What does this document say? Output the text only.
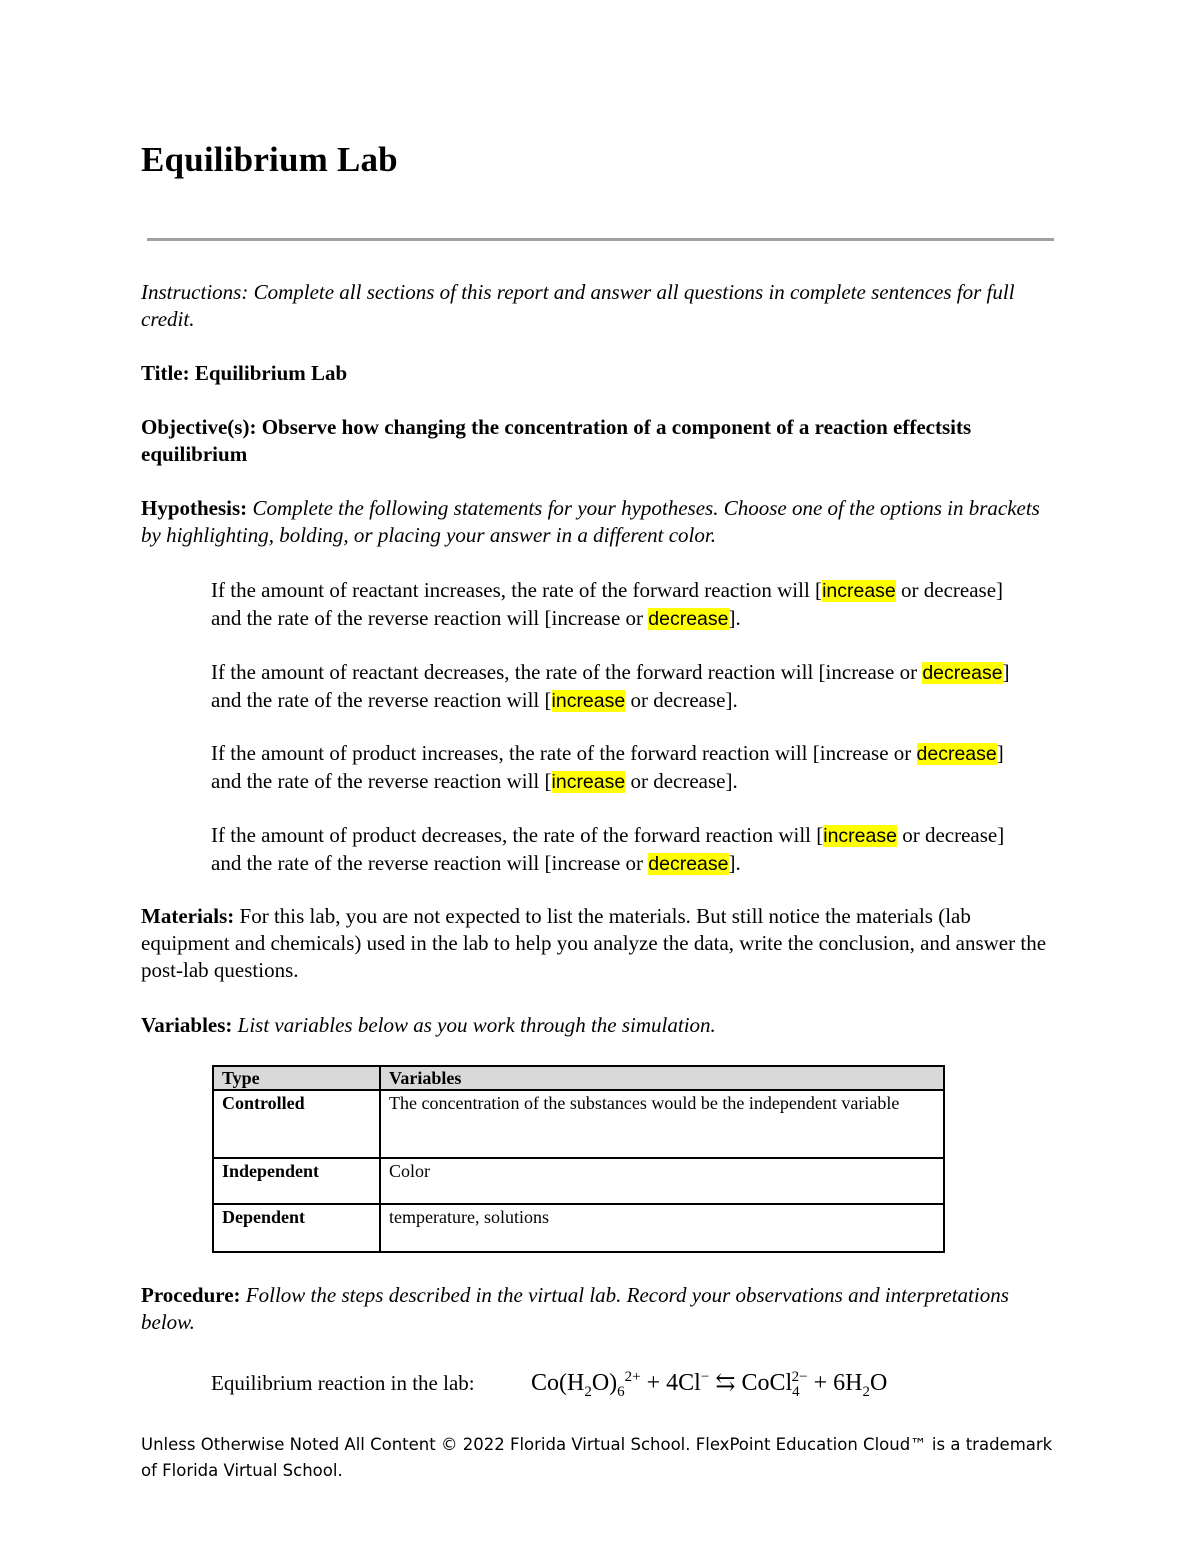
Equilibrium Lab
Instructions: Complete all sections of this report and answer all questions in complete sentences for full credit.
Title: Equilibrium Lab
Objective(s): Observe how changing the concentration of a component of a reaction effectsits equilibrium
Hypothesis: Complete the following statements for your hypotheses. Choose one of the options in brackets by highlighting, bolding, or placing your answer in a different color.
If the amount of reactant increases, the rate of the forward reaction will [increase or decrease] and the rate of the reverse reaction will [increase or decrease].
If the amount of reactant decreases, the rate of the forward reaction will [increase or decrease] and the rate of the reverse reaction will [increase or decrease].
If the amount of product increases, the rate of the forward reaction will [increase or decrease] and the rate of the reverse reaction will [increase or decrease].
If the amount of product decreases, the rate of the forward reaction will [increase or decrease] and the rate of the reverse reaction will [increase or decrease].
Materials: For this lab, you are not expected to list the materials. But still notice the materials (lab equipment and chemicals) used in the lab to help you analyze the data, write the conclusion, and answer the post-lab questions.
Variables: List variables below as you work through the simulation.
Type	Variables
Controlled	The concentration of the substances would be the independent variable
Independent	Color
Dependent	temperature, solutions
Procedure: Follow the steps described in the virtual lab. Record your observations and interpretations below.
Equilibrium reaction in the lab: $Co(H_2O)_6^{2+} + 4Cl^-$ ⇆ CoCl$_4^{2-}$ + $6H_2O$
Unless Otherwise Noted All Content © 2022 Florida Virtual School. FlexPoint Education Cloud™ is a trademark of Florida Virtual School.
